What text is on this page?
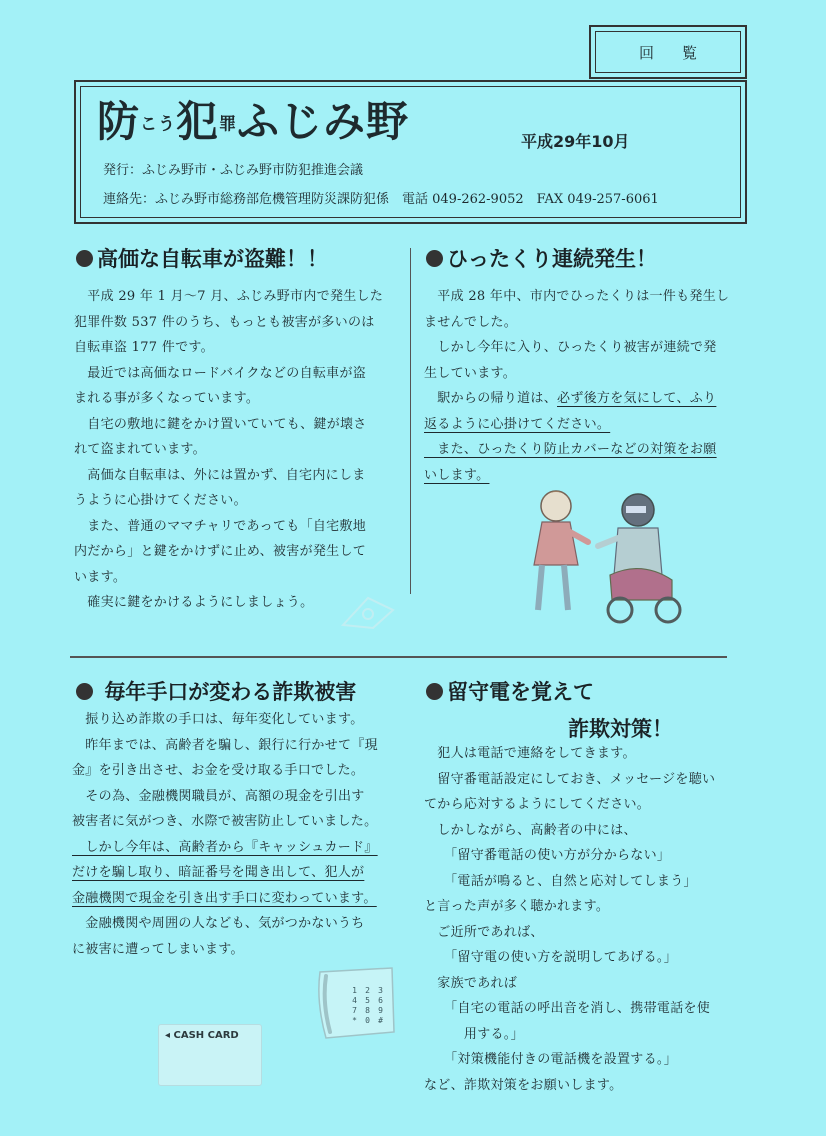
回覧
防こう犯罪ふじみ野	平成29年10月
発行：ふじみ野市・ふじみ野市防犯推進会議
連絡先：ふじみ野市総務部危機管理防災課防犯係　電話 049-262-9052　FAX 049-257-6061
高価な自転車が盗難！！

　平成 29 年 1 月～7 月、ふじみ野市内で発生した

犯罪件数 537 件のうち、もっとも被害が多いのは

自転車盗 177 件です。

　最近では高価なロードバイクなどの自転車が盗

まれる事が多くなっています。

　自宅の敷地に鍵をかけ置いていても、鍵が壊さ

れて盗まれています。

　高価な自転車は、外には置かず、自宅内にしま

うように心掛けてください。

　また、普通のママチャリであっても「自宅敷地

内だから」と鍵をかけずに止め、被害が発生して

います。

　確実に鍵をかけるようにしましょう。

ひったくり連続発生！

　平成 28 年中、市内でひったくりは一件も発生し

ませんでした。

　しかし今年に入り、ひったくり被害が連続で発

生しています。

　駅からの帰り道は、必ず後方を気にして、ふり

返るように心掛けてください。

　また、ひったくり防止カバーなどの対策をお願

いします。

毎年手口が変わる詐欺被害

　振り込め詐欺の手口は、毎年変化しています。

　昨年までは、高齢者を騙し、銀行に行かせて『現

金』を引き出させ、お金を受け取る手口でした。

　その為、金融機関職員が、高額の現金を引出す

被害者に気がつき、水際で被害防止していました。

　しかし今年は、高齢者から『キャッシュカード』

だけを騙し取り、暗証番号を聞き出して、犯人が

金融機関で現金を引き出す手口に変わっています。

　金融機関や周囲の人なども、気がつかないうち

に被害に遭ってしまいます。

1	2	3
4	5	6
7	8	9
*	0	#
◂ CASH CARD
留守電を覚えて
詐欺対策！

　犯人は電話で連絡をしてきます。

　留守番電話設定にしておき、メッセージを聴い

てから応対するようにしてください。

　しかしながら、高齢者の中には、

　　「留守番電話の使い方が分からない」

　　「電話が鳴ると、自然と応対してしまう」

と言った声が多く聴かれます。

　ご近所であれば、

　　「留守電の使い方を説明してあげる。」

　家族であれば

　　「自宅の電話の呼出音を消し、携帯電話を使

　　　用する。」

　　「対策機能付きの電話機を設置する。」

など、詐欺対策をお願いします。
